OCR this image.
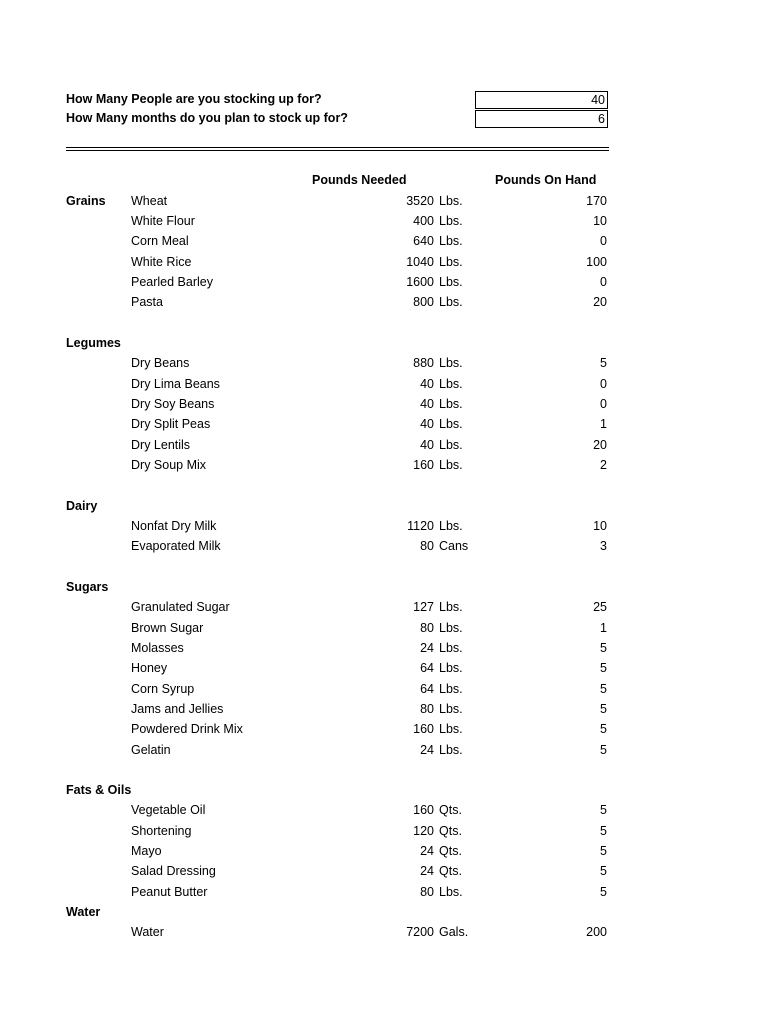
How Many People are you stocking up for?	40
How Many months do you plan to stock up for?	6
Pounds Needed	Pounds On Hand
Grains Wheat	3520 Lbs.	170
White Flour	400 Lbs.	10
Corn Meal	640 Lbs.	0
White Rice	1040 Lbs.	100
Pearled Barley	1600 Lbs.	0
Pasta	800 Lbs.	20
Legumes
Dry Beans	880 Lbs.	5
Dry Lima Beans	40 Lbs.	0
Dry Soy Beans	40 Lbs.	0
Dry Split Peas	40 Lbs.	1
Dry Lentils	40 Lbs.	20
Dry Soup Mix	160 Lbs.	2
Dairy
Nonfat Dry Milk	1120 Lbs.	10
Evaporated Milk	80 Cans	3
Sugars
Granulated Sugar	127 Lbs.	25
Brown Sugar	80 Lbs.	1
Molasses	24 Lbs.	5
Honey	64 Lbs.	5
Corn Syrup	64 Lbs.	5
Jams and Jellies	80 Lbs.	5
Powdered Drink Mix	160 Lbs.	5
Gelatin	24 Lbs.	5
Fats & Oils
Vegetable Oil	160 Qts.	5
Shortening	120 Qts.	5
Mayo	24 Qts.	5
Salad Dressing	24 Qts.	5
Peanut Butter	80 Lbs.	5
Water
Water	7200 Gals.	200
